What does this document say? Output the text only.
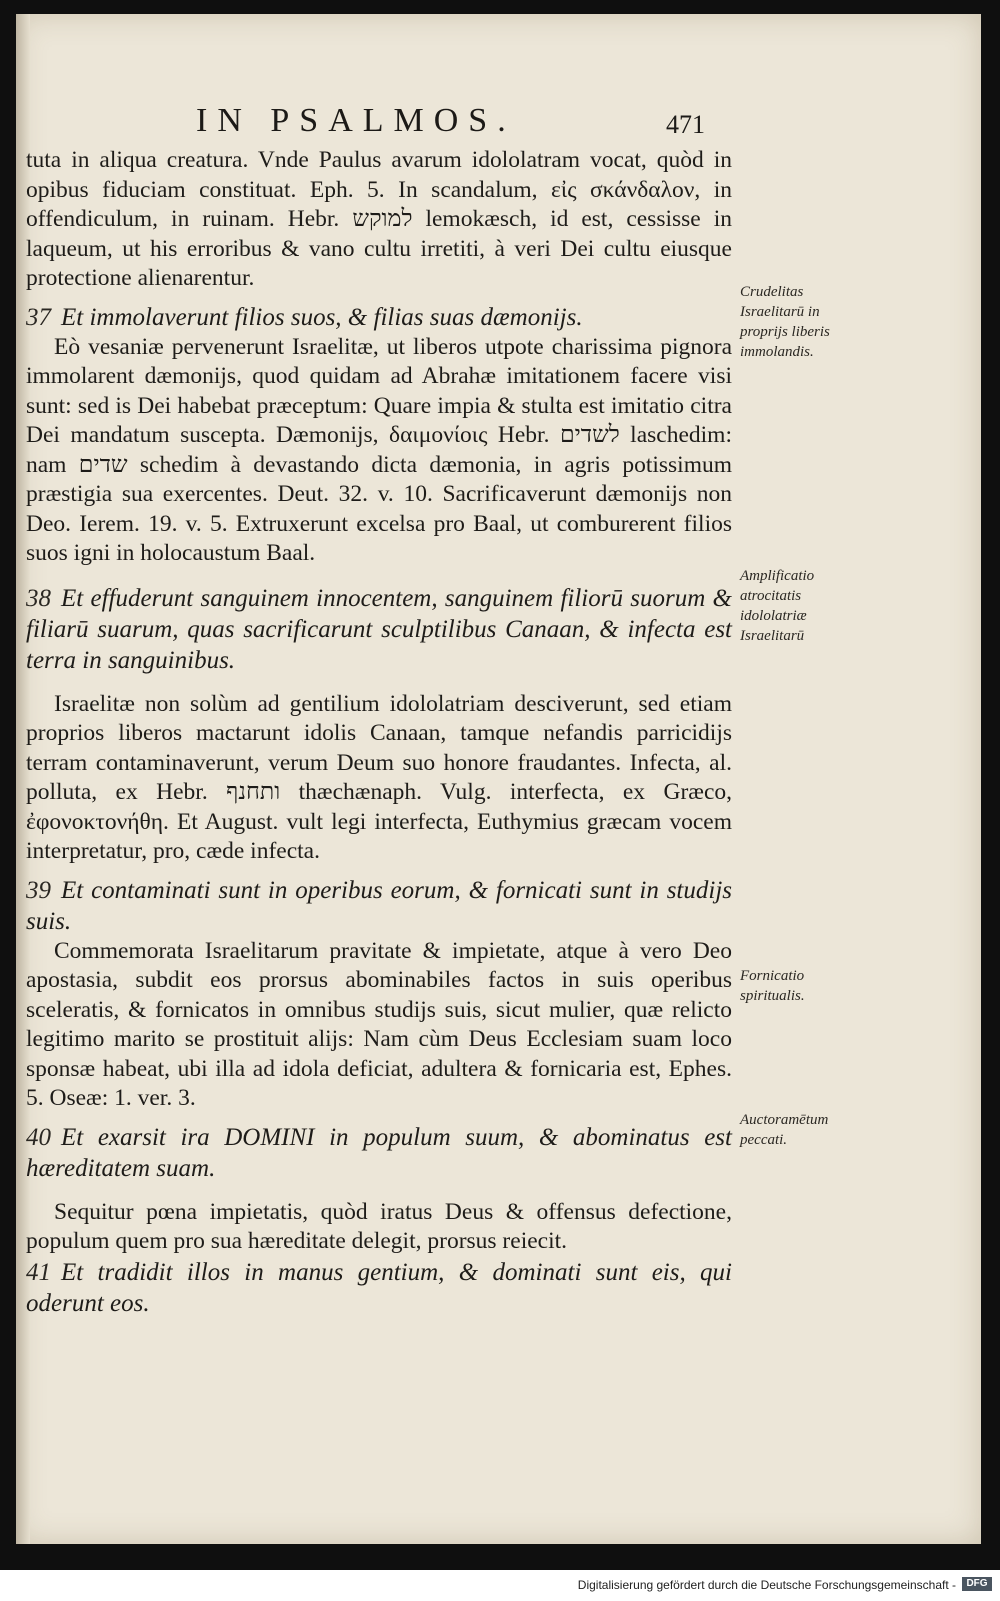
IN PSALMOS.	471

tuta in aliqua creatura. Vnde Paulus avarum idololatram vocat, quòd in opibus fiduciam constituat. Eph. 5. In scandalum, εἰς σκάνδαλον, in offendiculum, in ruinam. Hebr. למוקש lemokæsch, id est, cessisse in laqueum, ut his erroribus & vano cultu irretiti, à veri Dei cultu eiusque protectione alienarentur.

37 Et immolaverunt filios suos, & filias suas dæmonijs.

Eò vesaniæ pervenerunt Israelitæ, ut liberos utpote charissima pignora immolarent dæmonijs, quod quidam ad Abrahæ imitationem facere visi sunt: sed is Dei habebat præceptum: Quare impia & stulta est imitatio citra Dei mandatum suscepta. Dæmonijs, δαιμονίοις Hebr. לשדים laschedim: nam שדים schedim à devastando dicta dæmonia, in agris potissimum præstigia sua exercentes. Deut. 32. v. 10. Sacrificaverunt dæmonijs non Deo. Ierem. 19. v. 5. Extruxerunt excelsa pro Baal, ut comburerent filios suos igni in holocaustum Baal.

38 Et effuderunt sanguinem innocentem, sanguinem filiorū suorum & filiarū suarum, quas sacrificarunt sculptilibus Canaan, & infecta est terra in sanguinibus.

Israelitæ non solùm ad gentilium idololatriam desciverunt, sed etiam proprios liberos mactarunt idolis Canaan, tamque nefandis parricidijs terram contaminaverunt, verum Deum suo honore fraudantes. Infecta, al. polluta, ex Hebr. ותחנף thæchænaph. Vulg. interfecta, ex Græco, ἐφονοκτονήθη. Et August. vult legi interfecta, Euthymius græcam vocem interpretatur, pro, cæde infecta.

39 Et contaminati sunt in operibus eorum, & fornicati sunt in studijs suis.

Commemorata Israelitarum pravitate & impietate, atque à vero Deo apostasia, subdit eos prorsus abominabiles factos in suis operibus sceleratis, & fornicatos in omnibus studijs suis, sicut mulier, quæ relicto legitimo marito se prostituit alijs: Nam cùm Deus Ecclesiam suam loco sponsæ habeat, ubi illa ad idola deficiat, adultera & fornicaria est, Ephes. 5. Oseæ: 1. ver. 3.

40 Et exarsit ira DOMINI in populum suum, & abominatus est hæreditatem suam.

Sequitur pœna impietatis, quòd iratus Deus & offensus defectione, populum quem pro sua hæreditate delegit, prorsus reiecit.

41 Et tradidit illos in manus gentium, & dominati sunt eis, qui oderunt eos.

Crudelitas Israelitarū in proprijs liberis immolandis.
Amplificatio atrocitatis idololatriæ Israelitarū
Fornicatio spiritualis.
Auctoramētum peccati.
Digitalisierung gefördert durch die Deutsche Forschungsgemeinschaft -	DFG
